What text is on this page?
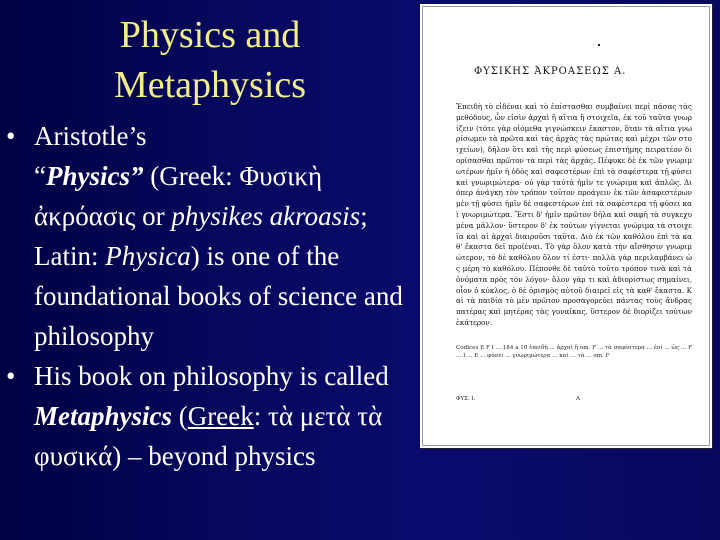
Physics and
Metaphysics
• Aristotle’s
“Physics” (Greek: Φυσικὴ ἀκρόασις or physikes akroasis; Latin: Physica) is one of the foundational books of science and philosophy
• His book on philosophy is called Metaphysics (Greek: τὰ μετὰ τὰ φυσικά) – beyond physics
ΦΥΣΙΚΗΣ ἈΚΡΟΑΣΕΩΣ Α.
Ἐπειδὴ τὸ εἰδέναι καὶ τὸ ἐπίστασθαι συμβαίνει περὶ πάσας τὰς μεθόδους, ὧν εἰσὶν ἀρχαὶ ἢ αἴτια ἢ στοιχεῖα, ἐκ τοῦ ταῦτα γνωρίζειν (τότε γὰρ οἰόμεθα γιγνώσκειν ἕκαστον, ὅταν τὰ αἴτια γνωρίσωμεν τὰ πρῶτα καὶ τὰς ἀρχὰς τὰς πρώτας καὶ μέχρι τῶν στοιχείων), δῆλον ὅτι καὶ τῆς περὶ φύσεως ἐπιστήμης πειρατέον διορίσασθαι πρῶτον τὰ περὶ τὰς ἀρχάς. Πέφυκε δὲ ἐκ τῶν γνωριμωτέρων ἡμῖν ἡ ὁδὸς καὶ σαφεστέρων ἐπὶ τὰ σαφέστερα τῇ φύσει καὶ γνωριμώτερα· οὐ γὰρ ταὐτὰ ἡμῖν τε γνώριμα καὶ ἁπλῶς. Διόπερ ἀνάγκη τὸν τρόπον τοῦτον προάγειν ἐκ τῶν ἀσαφεστέρων μὲν τῇ φύσει ἡμῖν δὲ σαφεστέρων ἐπὶ τὰ σαφέστερα τῇ φύσει καὶ γνωριμώτερα. Ἔστι δ' ἡμῖν πρῶτον δῆλα καὶ σαφῆ τὰ συγκεχυμένα μᾶλλον· ὕστερον δ' ἐκ τούτων γίγνεται γνώριμα τὰ στοιχεῖα καὶ αἱ ἀρχαὶ διαιροῦσι ταῦτα. Διὸ ἐκ τῶν καθόλου ἐπὶ τὰ καθ' ἕκαστα δεῖ προϊέναι. Τὸ γὰρ ὅλον κατὰ τὴν αἴσθησιν γνωριμώτερον, τὸ δὲ καθόλου ὅλον τί ἐστι· πολλὰ γὰρ περιλαμβάνει ὡς μέρη τὸ καθόλου. Πέπονθε δὲ ταὐτὸ τοῦτο τρόπον τινὰ καὶ τὰ ὀνόματα πρὸς τὸν λόγον· ὅλον γάρ τι καὶ ἀδιορίστως σημαίνει, οἷον ὁ κύκλος, ὁ δὲ ὁρισμὸς αὐτοῦ διαιρεῖ εἰς τὰ καθ' ἕκαστα. Καὶ τὰ παιδία τὸ μὲν πρῶτον προσαγορεύει πάντας τοὺς ἄνδρας πατέρας καὶ μητέρας τὰς γυναῖκας, ὕστερον δὲ διορίζει τούτων ἑκάτερον.
Codices E F I ... 184 a 10 ἐπειδὴ ... ἀρχαὶ ἢ om. F ... τὰ σαφέστερα ... ἐπὶ ... ὡς ... F ... I ... E ... φύσει ... γνωριμώτερα ... καὶ ... τὰ ... om. F
ΦΥΣ. Ι.	Α
